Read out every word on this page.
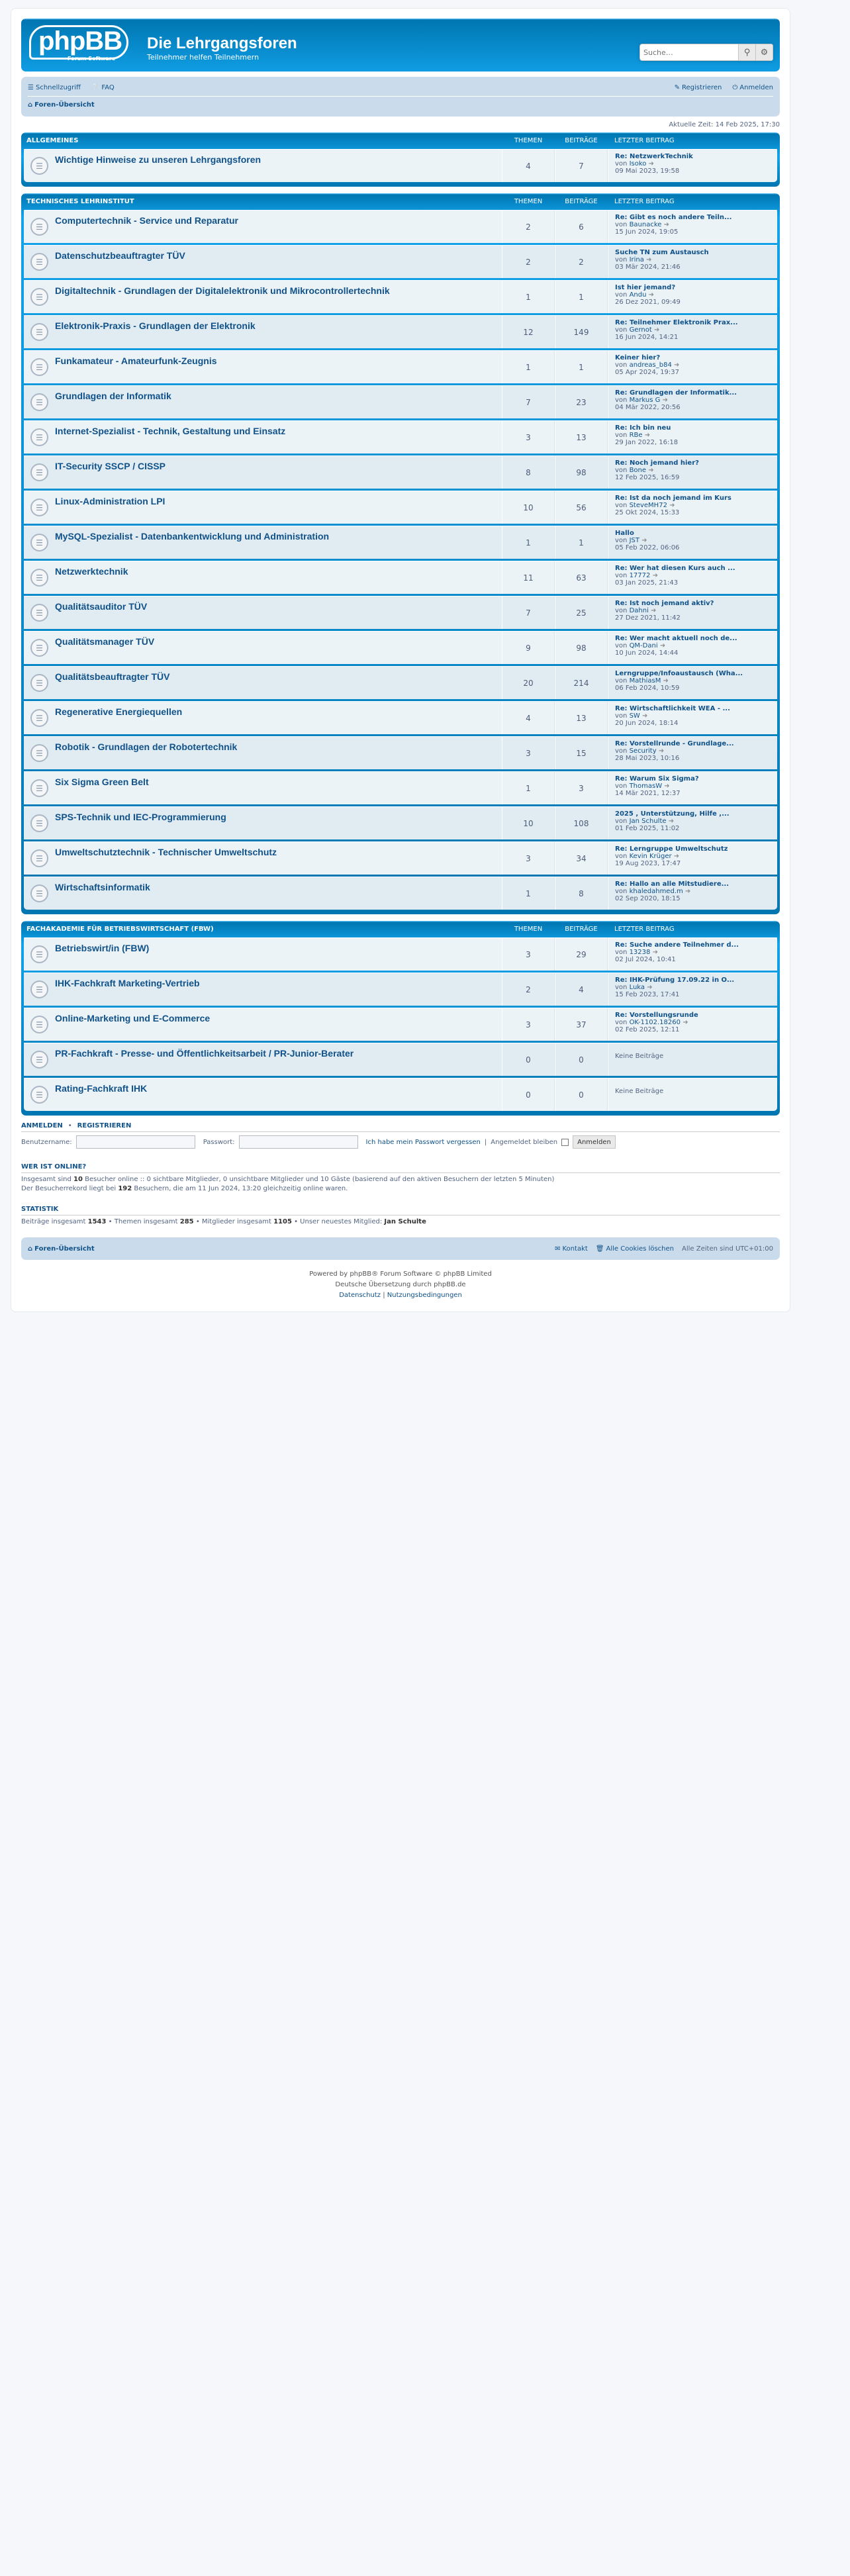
phpBB
Forum Software
Die Lehrgangsforen
Teilnehmer helfen Teilnehmern
Suche…	⚲ ⚙
☰ Schnellzugriff ❔ FAQ	✎ Registrieren ⏻ Anmelden
⌂ Foren-Übersicht
Aktuelle Zeit: 14 Feb 2025, 17:30
ALLGEMEINES	THEMEN	BEITRÄGE	LETZTER BEITRAG
☰
Wichtige Hinweise zu unseren Lehrgangsforen
4	7
Re: NetzwerkTechnik
von Isoko ➜
09 Mai 2023, 19:58
TECHNISCHES LEHRINSTITUT	THEMEN	BEITRÄGE	LETZTER BEITRAG
☰
Computertechnik - Service und Reparatur
2	6
Re: Gibt es noch andere Teiln...
von Baunacke ➜
15 Jun 2024, 19:05
☰
Datenschutzbeauftragter TÜV
2	2
Suche TN zum Austausch
von Irina ➜
03 Mär 2024, 21:46
☰
Digitaltechnik - Grundlagen der Digitalelektronik und Mikrocontrollertechnik
1	1
Ist hier jemand?
von Andu ➜
26 Dez 2021, 09:49
☰
Elektronik-Praxis - Grundlagen der Elektronik
12	149
Re: Teilnehmer Elektronik Prax...
von Gernot ➜
16 Jun 2024, 14:21
☰
Funkamateur - Amateurfunk-Zeugnis
1	1
Keiner hier?
von andreas_b84 ➜
05 Apr 2024, 19:37
☰
Grundlagen der Informatik
7	23
Re: Grundlagen der Informatik...
von Markus G ➜
04 Mär 2022, 20:56
☰
Internet-Spezialist - Technik, Gestaltung und Einsatz
3	13
Re: Ich bin neu
von RBe ➜
29 Jan 2022, 16:18
☰
IT-Security SSCP / CISSP
8	98
Re: Noch jemand hier?
von Bone ➜
12 Feb 2025, 16:59
☰
Linux-Administration LPI
10	56
Re: Ist da noch jemand im Kurs
von SteveMH72 ➜
25 Okt 2024, 15:33
☰
MySQL-Spezialist - Datenbankentwicklung und Administration
1	1
Hallo
von JST ➜
05 Feb 2022, 06:06
☰
Netzwerktechnik
11	63
Re: Wer hat diesen Kurs auch ...
von 17772 ➜
03 Jan 2025, 21:43
☰
Qualitätsauditor TÜV
7	25
Re: Ist noch jemand aktiv?
von Dahni ➜
27 Dez 2021, 11:42
☰
Qualitätsmanager TÜV
9	98
Re: Wer macht aktuell noch de...
von QM-Dani ➜
10 Jun 2024, 14:44
☰
Qualitätsbeauftragter TÜV
20	214
Lerngruppe/Infoaustausch (Wha...
von MathiasM ➜
06 Feb 2024, 10:59
☰
Regenerative Energiequellen
4	13
Re: Wirtschaftlichkeit WEA - ...
von SW ➜
20 Jun 2024, 18:14
☰
Robotik - Grundlagen der Robotertechnik
3	15
Re: Vorstellrunde - Grundlage...
von Security ➜
28 Mai 2023, 10:16
☰
Six Sigma Green Belt
1	3
Re: Warum Six Sigma?
von ThomasW ➜
14 Mär 2021, 12:37
☰
SPS-Technik und IEC-Programmierung
10	108
2025 , Unterstützung, Hilfe ,...
von Jan Schulte ➜
01 Feb 2025, 11:02
☰
Umweltschutztechnik - Technischer Umweltschutz
3	34
Re: Lerngruppe Umweltschutz
von Kevin Krüger ➜
19 Aug 2023, 17:47
☰
Wirtschaftsinformatik
1	8
Re: Hallo an alle Mitstudiere...
von khaledahmed.m ➜
02 Sep 2020, 18:15
FACHAKADEMIE FÜR BETRIEBSWIRTSCHAFT (FBW)	THEMEN	BEITRÄGE	LETZTER BEITRAG
☰
Betriebswirt/in (FBW)
3	29
Re: Suche andere Teilnehmer d...
von 13238 ➜
02 Jul 2024, 10:41
☰
IHK-Fachkraft Marketing-Vertrieb
2	4
Re: IHK-Prüfung 17.09.22 in O...
von Luka ➜
15 Feb 2023, 17:41
☰
Online-Marketing und E-Commerce
3	37
Re: Vorstellungsrunde
von OK-1102.18260 ➜
02 Feb 2025, 12:11
☰
PR-Fachkraft - Presse- und Öffentlichkeitsarbeit / PR-Junior-Berater
0	0	Keine Beiträge
☰
Rating-Fachkraft IHK
0	0	Keine Beiträge
ANMELDEN • REGISTRIEREN
Benutzername:	Passwort:	Ich habe mein Passwort vergessen | Angemeldet bleiben	Anmelden
WER IST ONLINE?
Insgesamt sind 10 Besucher online :: 0 sichtbare Mitglieder, 0 unsichtbare Mitglieder und 10 Gäste (basierend auf den aktiven Besuchern der letzten 5 Minuten)
Der Besucherrekord liegt bei 192 Besuchern, die am 11 Jun 2024, 13:20 gleichzeitig online waren.
STATISTIK
Beiträge insgesamt 1543 • Themen insgesamt 285 • Mitglieder insgesamt 1105 • Unser neuestes Mitglied: Jan Schulte
⌂ Foren-Übersicht	✉ Kontakt 🗑 Alle Cookies löschen Alle Zeiten sind UTC+01:00
Powered by phpBB® Forum Software © phpBB Limited
Deutsche Übersetzung durch phpBB.de
Datenschutz | Nutzungsbedingungen
